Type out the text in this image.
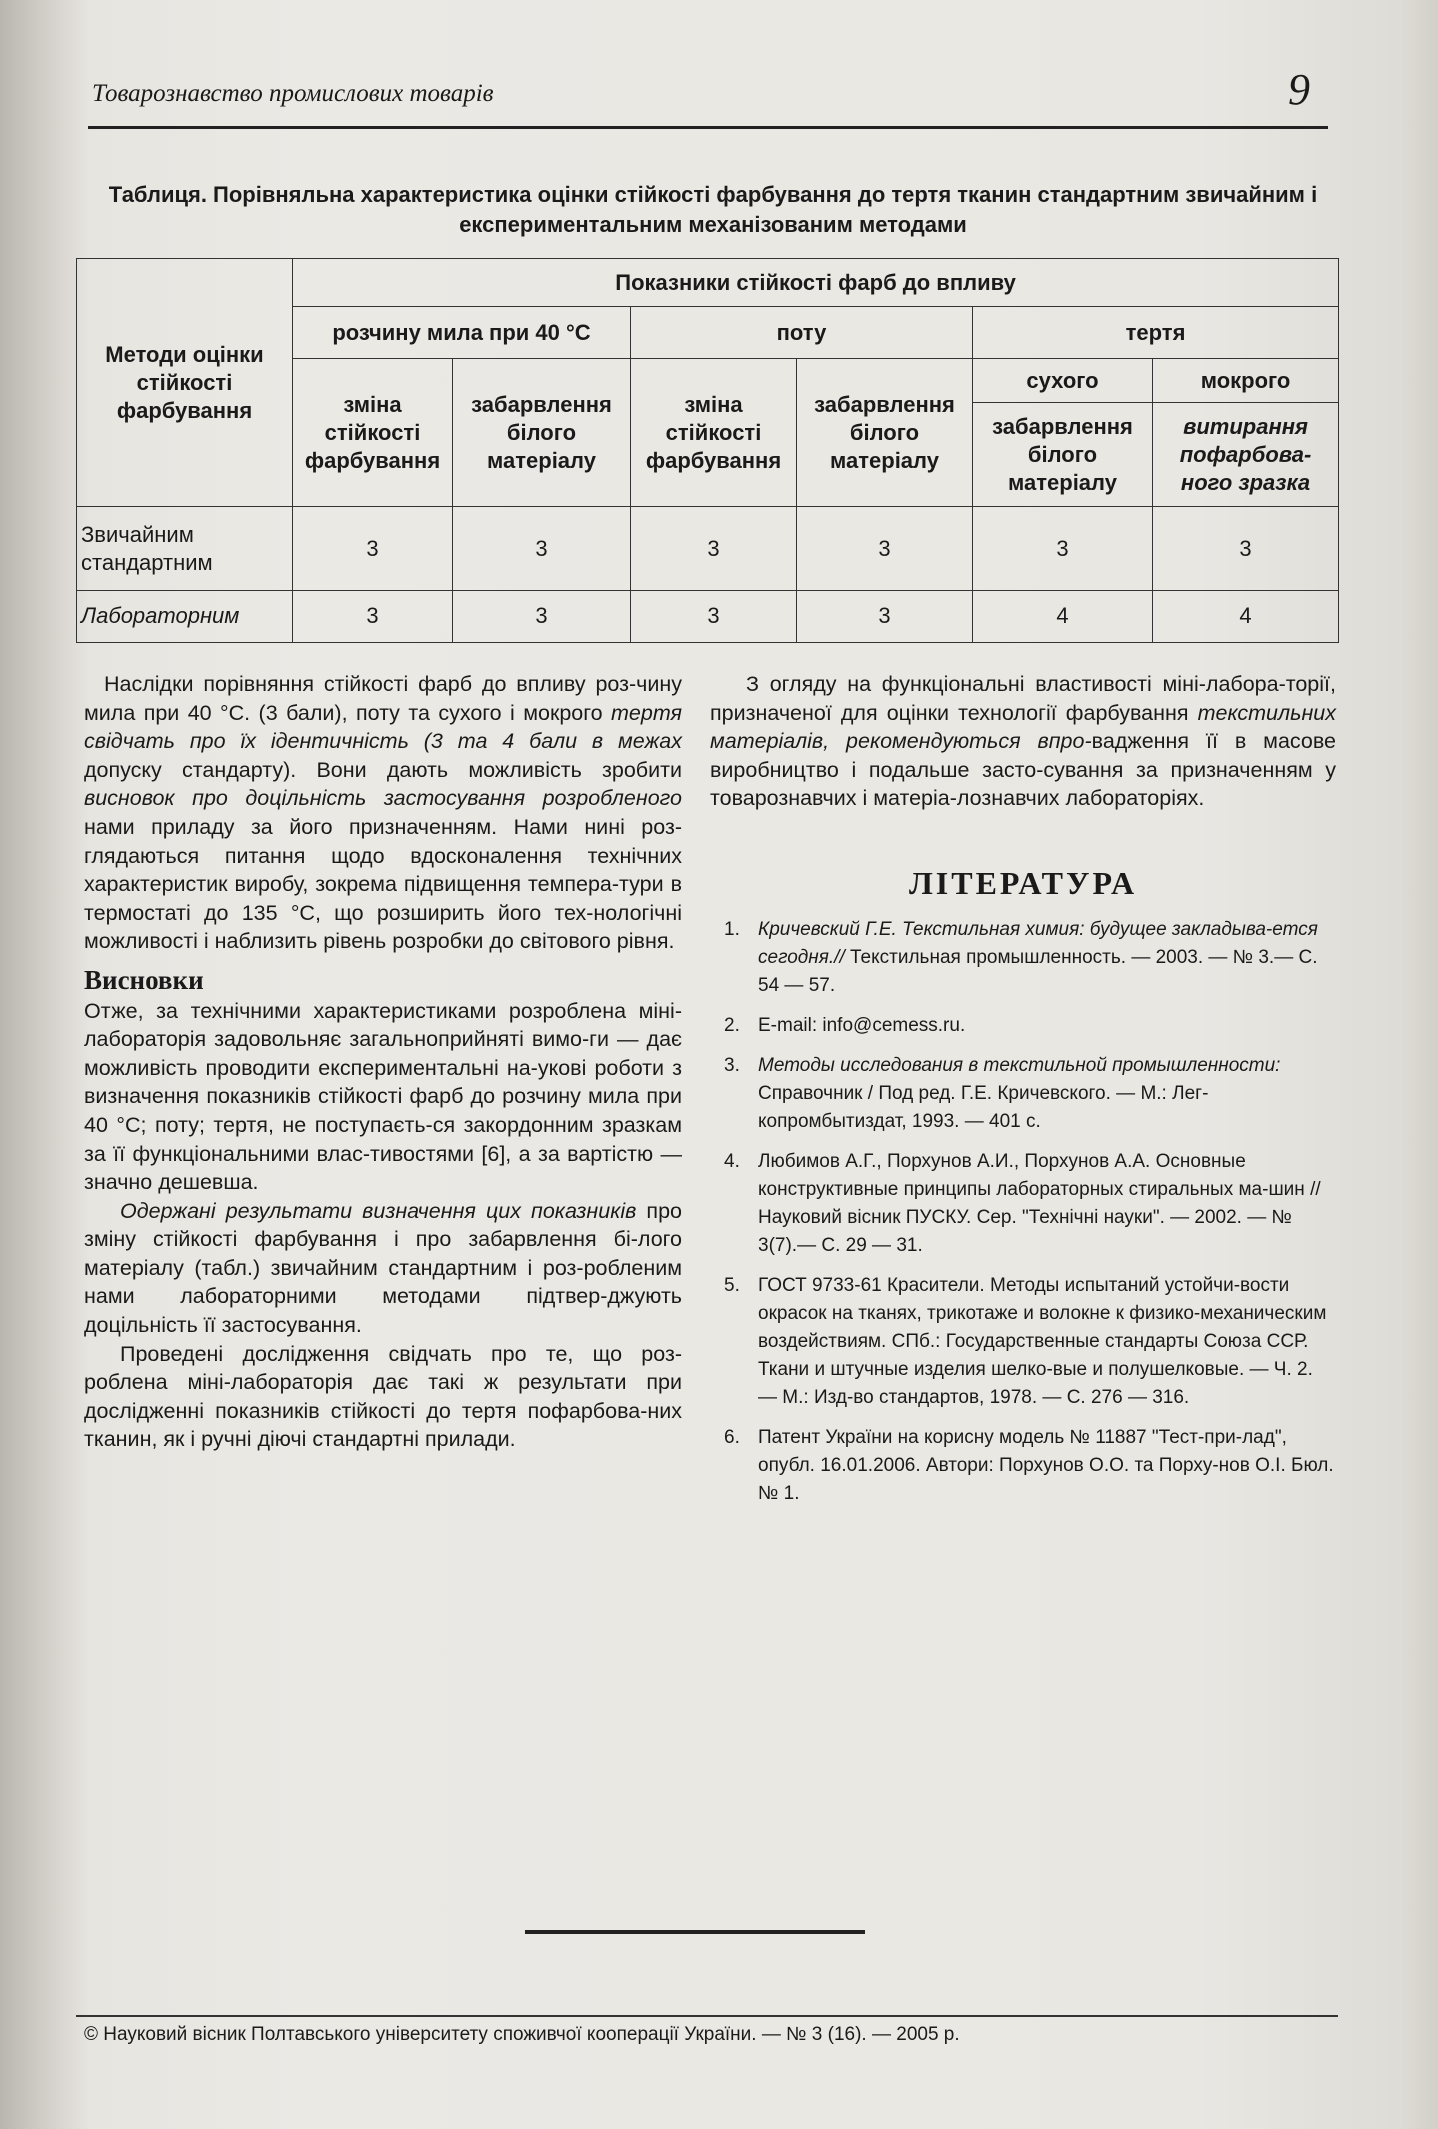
Товарознавство промислових товарів	9
Таблиця. Порівняльна характеристика оцінки стійкості фарбування до тертя тканин стандартним звичайним і експериментальним механізованим методами
Методи оцінки стійкості фарбування	Показники стійкості фарб до впливу					
	розчину мила при 40 °С		поту		тертя	
	зміна стійкості фарбування	забарвлення білого матеріалу	зміна стійкості фарбування	забарвлення білого матеріалу	сухого	мокрого
					забарвлення білого матеріалу	витирання пофарбова-ного зразка
Звичайним стандартним	3	3	3	3	3	3
Лабораторним	3	3	3	3	4	4

Наслідки порівняння стійкості фарб до впливу роз-чину мила при 40 °С. (3 бали), поту та сухого і мокрого тертя свідчать про їх ідентичність (3 та 4 бали в межах допуску стандарту). Вони дають можливість зробити висновок про доцільність застосування розробленого нами приладу за його призначенням. Нами нині роз-глядаються питання щодо вдосконалення технічних характеристик виробу, зокрема підвищення темпера-тури в термостаті до 135 °С, що розширить його тех-нологічні можливості і наблизить рівень розробки до світового рівня.

Висновки

Отже, за технічними характеристиками розроблена міні-лабораторія задовольняє загальноприйняті вимо-ги — дає можливість проводити експериментальні на-укові роботи з визначення показників стійкості фарб до розчину мила при 40 °С; поту; тертя, не поступаєть-ся закордонним зразкам за її функціональними влас-тивостями [6], а за вартістю — значно дешевша.

Одержані результати визначення цих показників про зміну стійкості фарбування і про забарвлення бі-лого матеріалу (табл.) звичайним стандартним і роз-робленим нами лабораторними методами підтвер-джують доцільність її застосування.

Проведені дослідження свідчать про те, що роз-роблена міні-лабораторія дає такі ж результати при дослідженні показників стійкості до тертя пофарбова-них тканин, як і ручні діючі стандартні прилади.

З огляду на функціональні властивості міні-лабора-торії, призначеної для оцінки технології фарбування текстильних матеріалів, рекомендуються впро-вадження її в масове виробництво і подальше засто-сування за призначенням у товарознавчих і матеріа-лознавчих лабораторіях.

ЛІТЕРАТУРА
1. Кричевский Г.Е. Текстильная химия: будущее закладыва-ется сегодня.// Текстильная промышленность. — 2003. — № 3.— С. 54 — 57.
2. E-mail: info@cemess.ru.
3. Методы исследования в текстильной промышленности: Справочник / Под ред. Г.Е. Кричевского. — М.: Лег-копромбытиздат, 1993. — 401 с.
4. Любимов А.Г., Порхунов А.И., Порхунов А.А. Основные конструктивные принципы лабораторных стиральных ма-шин // Науковий вісник ПУСКУ. Сер. "Технічні науки". — 2002. — № 3(7).— С. 29 — 31.
5. ГОСТ 9733-61 Красители. Методы испытаний устойчи-вости окрасок на тканях, трикотаже и волокне к физико-механическим воздействиям. СПб.: Государственные стандарты Союза ССР. Ткани и штучные изделия шелко-вые и полушелковые. — Ч. 2. — М.: Изд-во стандартов, 1978. — С. 276 — 316.
6. Патент України на корисну модель № 11887 "Тест-при-лад", опубл. 16.01.2006. Автори: Порхунов О.О. та Порху-нов О.І. Бюл. № 1.
© Науковий вісник Полтавського університету споживчої кооперації України. — № 3 (16). — 2005 р.
